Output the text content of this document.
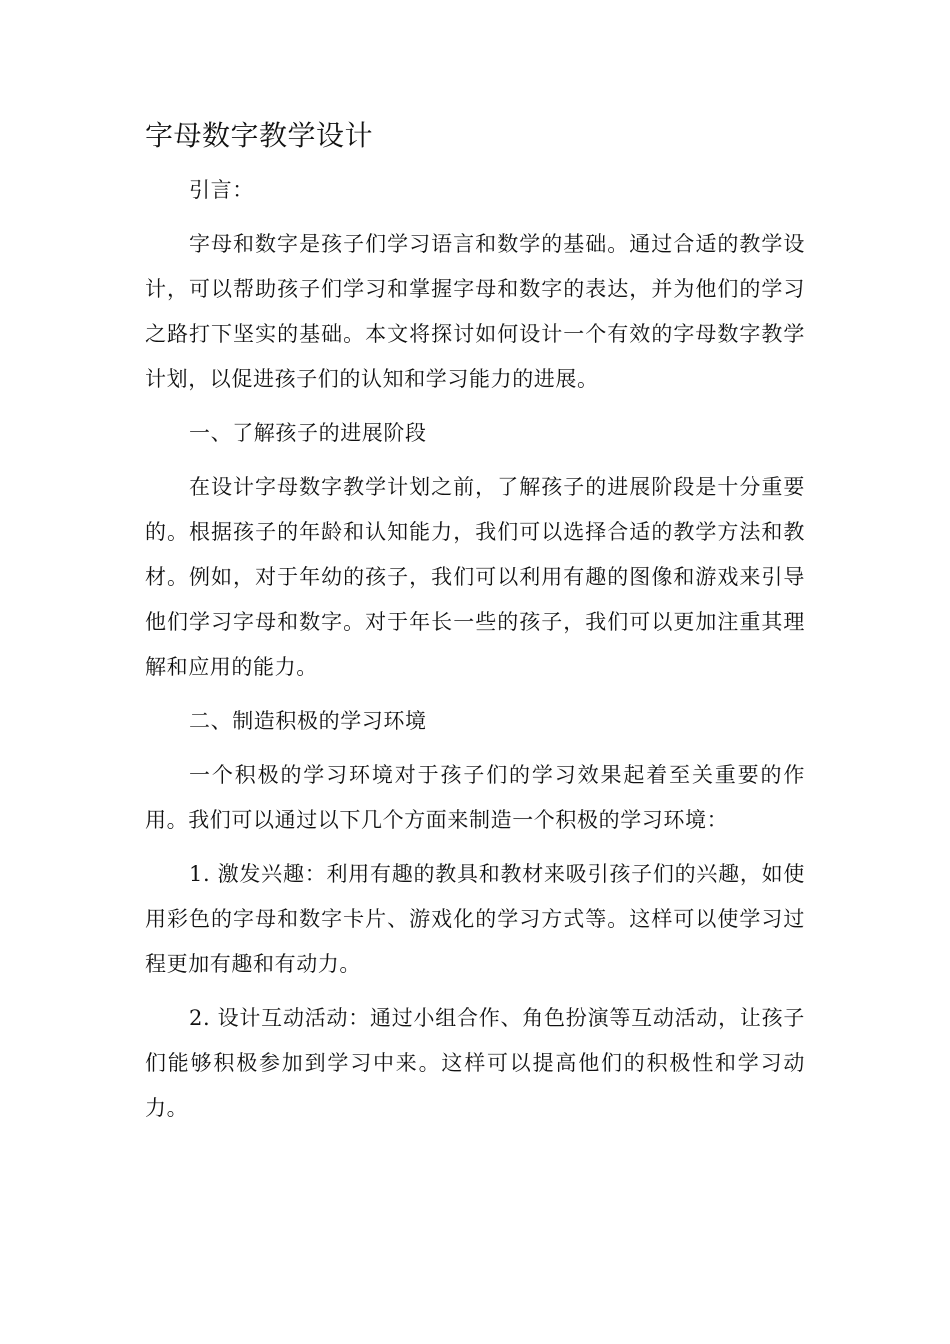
字母数字教学设计

引言：

字母和数字是孩子们学习语言和数学的基础。通过合适的教学设计，可以帮助孩子们学习和掌握字母和数字的表达，并为他们的学习之路打下坚实的基础。本文将探讨如何设计一个有效的字母数字教学计划，以促进孩子们的认知和学习能力的进展。

一、了解孩子的进展阶段

在设计字母数字教学计划之前，了解孩子的进展阶段是十分重要的。根据孩子的年龄和认知能力，我们可以选择合适的教学方法和教材。例如，对于年幼的孩子，我们可以利用有趣的图像和游戏来引导他们学习字母和数字。对于年长一些的孩子，我们可以更加注重其理解和应用的能力。

二、制造积极的学习环境

一个积极的学习环境对于孩子们的学习效果起着至关重要的作用。我们可以通过以下几个方面来制造一个积极的学习环境：

1. 激发兴趣：利用有趣的教具和教材来吸引孩子们的兴趣，如使用彩色的字母和数字卡片、游戏化的学习方式等。这样可以使学习过程更加有趣和有动力。

2. 设计互动活动：通过小组合作、角色扮演等互动活动，让孩子们能够积极参加到学习中来。这样可以提高他们的积极性和学习动力。
